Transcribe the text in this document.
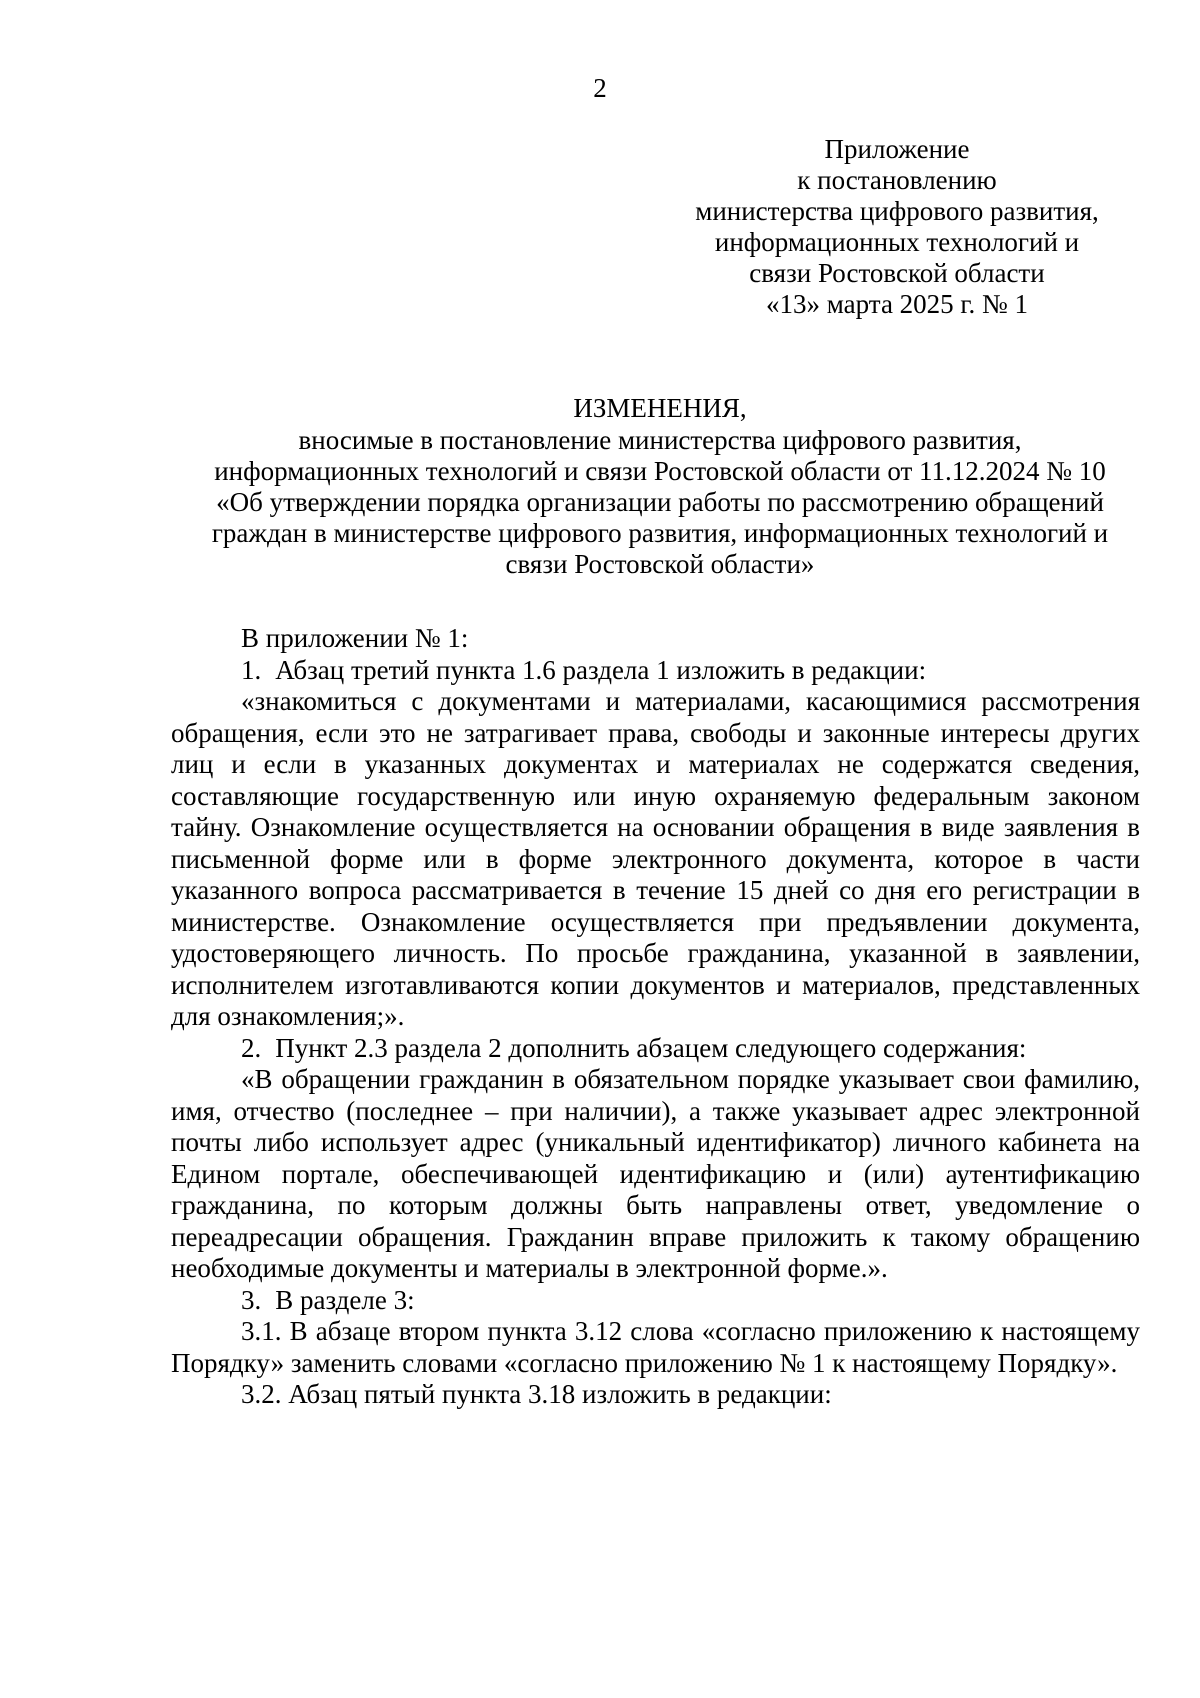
2
Приложение
к постановлению
министерства цифрового развития,
информационных технологий и
связи Ростовской области
«13» марта 2025 г. № 1
ИЗМЕНЕНИЯ,
вносимые в постановление министерства цифрового развития,
информационных технологий и связи Ростовской области от 11.12.2024 № 10
«Об утверждении порядка организации работы по рассмотрению обращений
граждан в министерстве цифрового развития, информационных технологий и
связи Ростовской области»

В приложении № 1:

1. Абзац третий пункта 1.6 раздела 1 изложить в редакции:

«знакомиться с документами и материалами, касающимися рассмотрения обращения, если это не затрагивает права, свободы и законные интересы других лиц и если в указанных документах и материалах не содержатся сведения, составляющие государственную или иную охраняемую федеральным законом тайну. Ознакомление осуществляется на основании обращения в виде заявления в письменной форме или в форме электронного документа, которое в части указанного вопроса рассматривается в течение 15 дней со дня его регистрации в министерстве. Ознакомление осуществляется при предъявлении документа, удостоверяющего личность. По просьбе гражданина, указанной в заявлении, исполнителем изготавливаются копии документов и материалов, представленных для ознакомления;».

2. Пункт 2.3 раздела 2 дополнить абзацем следующего содержания:

«В обращении гражданин в обязательном порядке указывает свои фамилию, имя, отчество (последнее – при наличии), а также указывает адрес электронной почты либо использует адрес (уникальный идентификатор) личного кабинета на Едином портале, обеспечивающей идентификацию и (или) аутентификацию гражданина, по которым должны быть направлены ответ, уведомление о переадресации обращения. Гражданин вправе приложить к такому обращению необходимые документы и материалы в электронной форме.».

3. В разделе 3:

3.1. В абзаце втором пункта 3.12 слова «согласно приложению к настоящему Порядку» заменить словами «согласно приложению № 1 к настоящему Порядку».

3.2. Абзац пятый пункта 3.18 изложить в редакции:
